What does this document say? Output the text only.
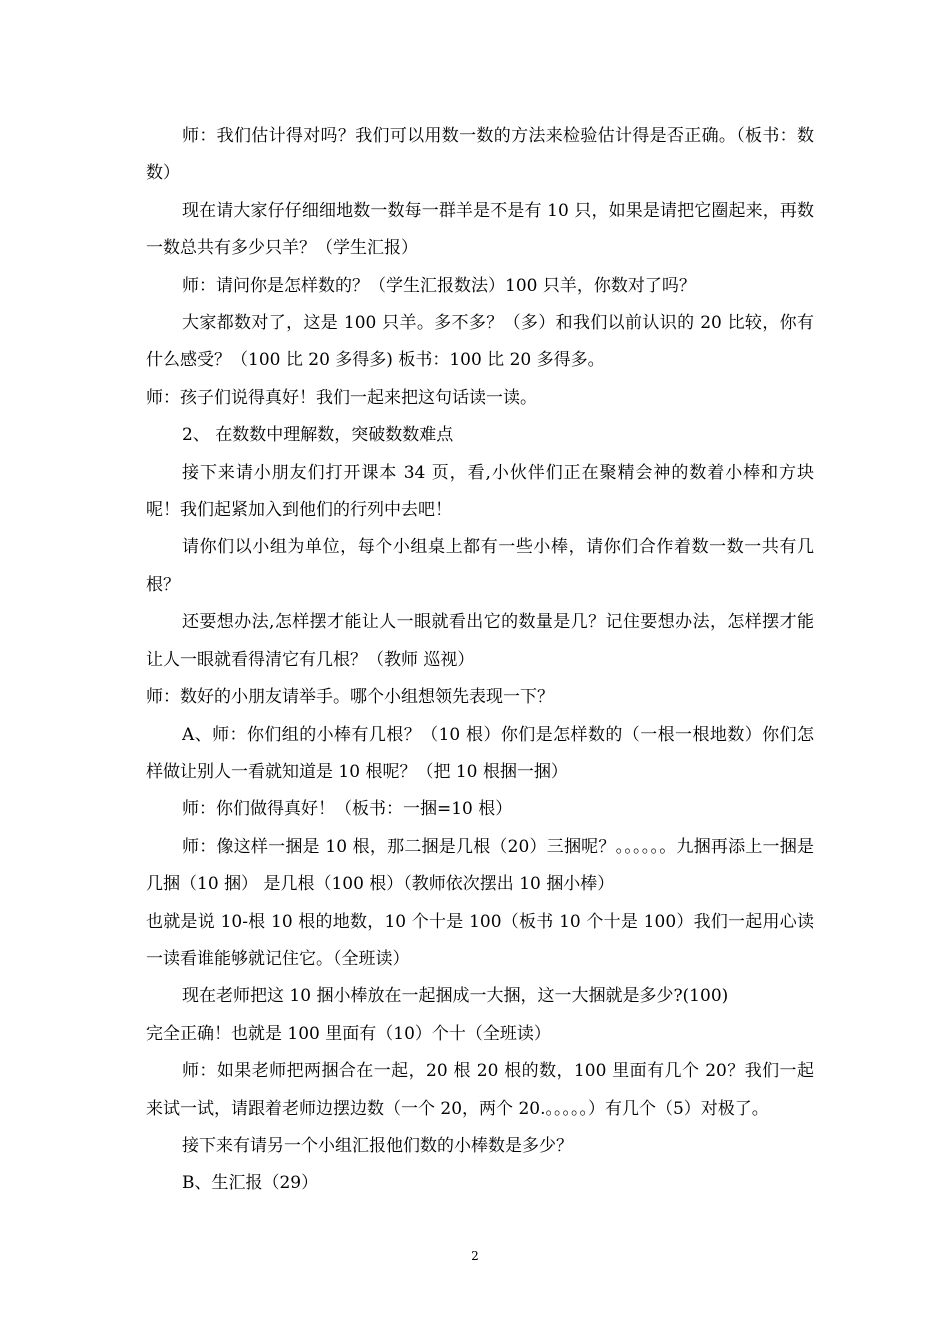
师：我们估计得对吗？我们可以用数一数的方法来检验估计得是否正确。（板书：数数）

现在请大家仔仔细细地数一数每一群羊是不是有 10 只，如果是请把它圈起来，再数一数总共有多少只羊？（学生汇报）

师：请问你是怎样数的？（学生汇报数法）100 只羊，你数对了吗？

大家都数对了，这是 100 只羊。多不多？（多）和我们以前认识的 20 比较，你有什么感受？（100 比 20 多得多) 板书：100 比 20 多得多。

师：孩子们说得真好！我们一起来把这句话读一读。

2、 在数数中理解数，突破数数难点

接下来请小朋友们打开课本 34 页，看,小伙伴们正在聚精会神的数着小棒和方块呢！我们起紧加入到他们的行列中去吧！

请你们以小组为单位，每个小组桌上都有一些小棒，请你们合作着数一数一共有几根？

还要想办法,怎样摆才能让人一眼就看出它的数量是几？记住要想办法，怎样摆才能让人一眼就看得清它有几根？（教师 巡视）

师：数好的小朋友请举手。哪个小组想领先表现一下？

A、师：你们组的小棒有几根？（10 根）你们是怎样数的（一根一根地数）你们怎样做让别人一看就知道是 10 根呢？（把 10 根捆一捆）

师：你们做得真好！（板书：一捆=10 根）

师：像这样一捆是 10 根，那二捆是几根（20）三捆呢？。。。。。。九捆再添上一捆是几捆（10 捆） 是几根（100 根）（教师依次摆出 10 捆小棒）

也就是说 10-根 10 根的地数，10 个十是 100（板书 10 个十是 100）我们一起用心读一读看谁能够就记住它。（全班读）

现在老师把这 10 捆小棒放在一起捆成一大捆，这一大捆就是多少?(100)

完全正确！也就是 100 里面有（10）个十（全班读）

师：如果老师把两捆合在一起，20 根 20 根的数，100 里面有几个 20？我们一起来试一试，请跟着老师边摆边数（一个 20，两个 20.。。。。。）有几个（5）对极了。

接下来有请另一个小组汇报他们数的小棒数是多少？

B、生汇报（29）

2
